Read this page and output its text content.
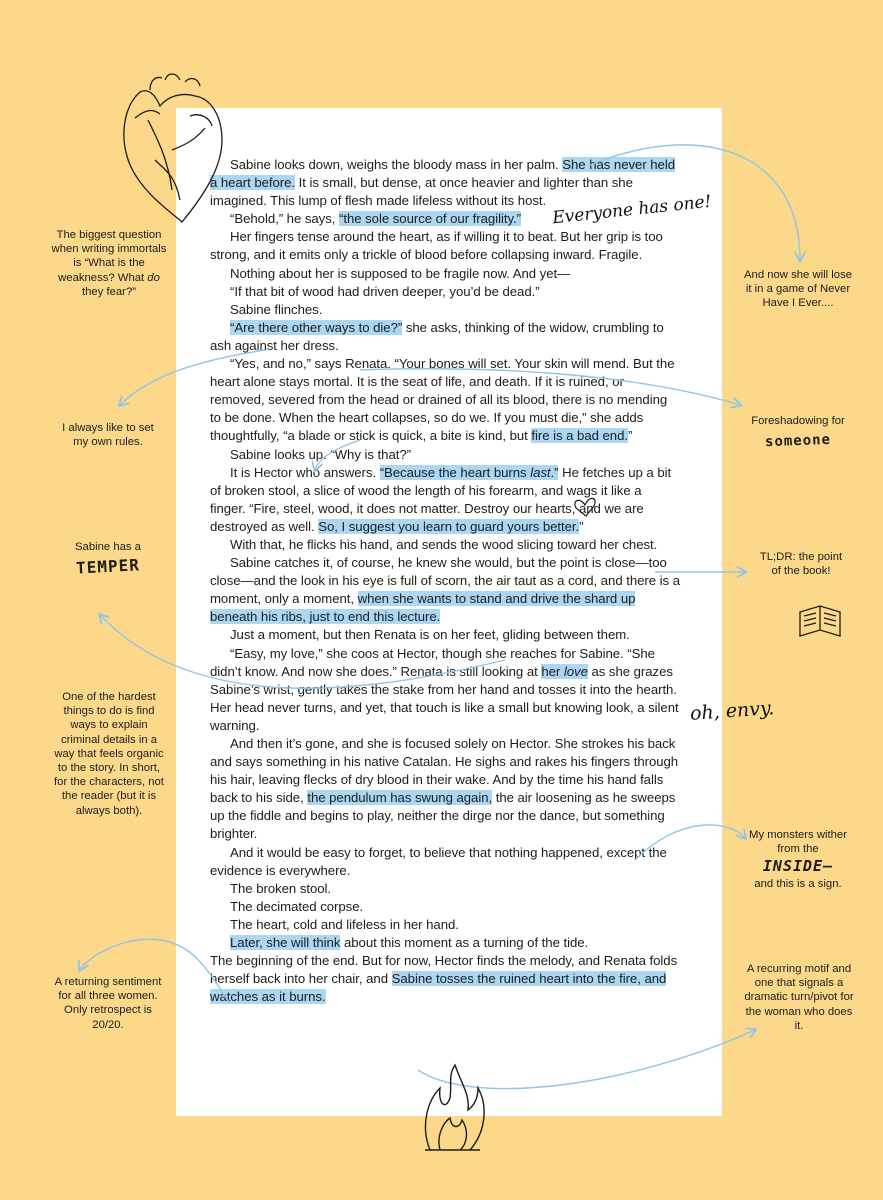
Sabine looks down, weighs the bloody mass in her palm. She has never held a heart before. It is small, but dense, at once heavier and lighter than she imagined. This lump of flesh made lifeless without its host.

“Behold,” he says, “the sole source of our fragility.”

Her fingers tense around the heart, as if willing it to beat. But her grip is too strong, and it emits only a trickle of blood before collapsing inward. Fragile.

Nothing about her is supposed to be fragile now. And yet—

“If that bit of wood had driven deeper, you’d be dead.”

Sabine flinches.

“Are there other ways to die?” she asks, thinking of the widow, crumbling to ash against her dress.

“Yes, and no,” says Renata. “Your bones will set. Your skin will mend. But the heart alone stays mortal. It is the seat of life, and death. If it is ruined, or removed, severed from the head or drained of all its blood, there is no mending to be done. When the heart collapses, so do we. If you must die,” she adds thoughtfully, “a blade or stick is quick, a bite is kind, but fire is a bad end.”

Sabine looks up. “Why is that?”

It is Hector who answers. “Because the heart burns last.” He fetches up a bit of broken stool, a slice of wood the length of his forearm, and wags it like a finger. “Fire, steel, wood, it does not matter. Destroy our hearts, and we are destroyed as well. So, I suggest you learn to guard yours better.”

With that, he flicks his hand, and sends the wood slicing toward her chest.

Sabine catches it, of course, he knew she would, but the point is close—too close—and the look in his eye is full of scorn, the air taut as a cord, and there is a moment, only a moment, when she wants to stand and drive the shard up beneath his ribs, just to end this lecture.

Just a moment, but then Renata is on her feet, gliding between them.

“Easy, my love,” she coos at Hector, though she reaches for Sabine. “She didn’t know. And now she does.” Renata is still looking at her love as she grazes Sabine’s wrist, gently takes the stake from her hand and tosses it into the hearth. Her head never turns, and yet, that touch is like a small but knowing look, a silent warning.

And then it’s gone, and she is focused solely on Hector. She strokes his back and says something in his native Catalan. He sighs and rakes his fingers through his hair, leaving flecks of dry blood in their wake. And by the time his hand falls back to his side, the pendulum has swung again, the air loosening as he sweeps up the fiddle and begins to play, neither the dirge nor the dance, but something brighter.

And it would be easy to forget, to believe that nothing happened, except the evidence is everywhere.

The broken stool.

The decimated corpse.

The heart, cold and lifeless in her hand.

Later, she will think about this moment as a turning of the tide.

The beginning of the end. But for now, Hector finds the melody, and Renata folds herself back into her chair, and Sabine tosses the ruined heart into the fire, and watches as it burns.

Everyone has one!
oh, envy.
The biggest question when writing immortals is “What is the weakness? What do they fear?”
I always like to set my own rules.
Sabine has a
TEMPER
One of the hardest things to do is find ways to explain criminal details in a way that feels organic to the story. In short, for the characters, not the reader (but it is always both).
A returning sentiment for all three women. Only retrospect is 20/20.
And now she will lose it in a game of Never Have I Ever....
Foreshadowing for
someone
TL;DR: the point of the book!
My monsters wither from the
INSIDE—
and this is a sign.
A recurring motif and one that signals a dramatic turn/pivot for the woman who does it.
